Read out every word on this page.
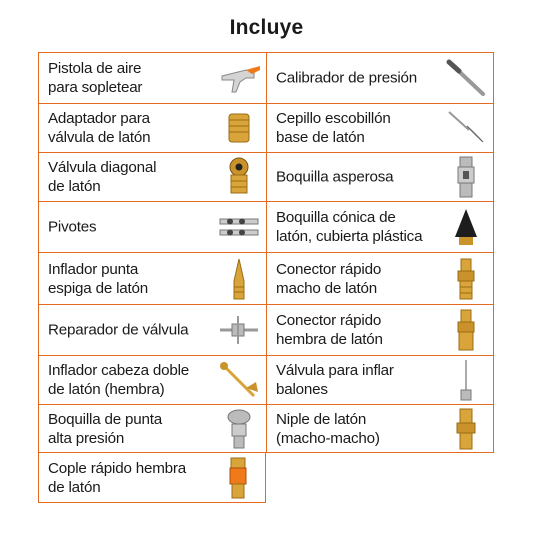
Incluye
Pistola de aire
para sopletear
Calibrador de presión
Adaptador para
válvula de latón
Cepillo escobillón
base de latón
Válvula diagonal
de latón
Boquilla asperosa
Pivotes
Boquilla cónica de
latón, cubierta plástica
Inflador punta
espiga de latón
Conector rápido
macho de latón
Reparador de válvula
Conector rápido
hembra de latón
Inflador cabeza doble
de latón (hembra)
Válvula para inflar
balones
Boquilla de punta
alta presión
Niple de latón
(macho-macho)
Cople rápido hembra
de latón
